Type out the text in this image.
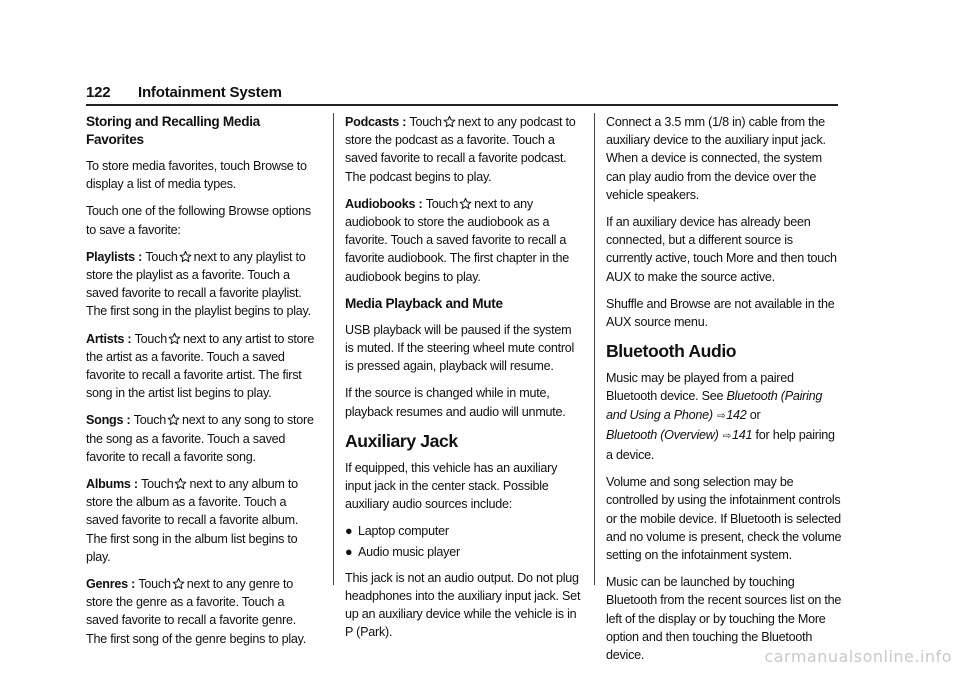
122 Infotainment System
Storing and Recalling Media Favorites

To store media favorites, touch Browse to display a list of media types.

Touch one of the following Browse options to save a favorite:

Playlists : Touch next to any playlist to store the playlist as a favorite. Touch a saved favorite to recall a favorite playlist. The first song in the playlist begins to play.

Artists : Touch next to any artist to store the artist as a favorite. Touch a saved favorite to recall a favorite artist. The first song in the artist list begins to play.

Songs : Touch next to any song to store the song as a favorite. Touch a saved favorite to recall a favorite song.

Albums : Touch next to any album to store the album as a favorite. Touch a saved favorite to recall a favorite album. The first song in the album list begins to play.

Genres : Touch next to any genre to store the genre as a favorite. Touch a saved favorite to recall a favorite genre. The first song of the genre begins to play.

Podcasts : Touch next to any podcast to store the podcast as a favorite. Touch a saved favorite to recall a favorite podcast. The podcast begins to play.

Audiobooks : Touch next to any audiobook to store the audiobook as a favorite. Touch a saved favorite to recall a favorite audiobook. The first chapter in the audiobook begins to play.

Media Playback and Mute

USB playback will be paused if the system is muted. If the steering wheel mute control is pressed again, playback will resume.

If the source is changed while in mute, playback resumes and audio will unmute.

Auxiliary Jack

If equipped, this vehicle has an auxiliary input jack in the center stack. Possible auxiliary audio sources include:

● Laptop computer
● Audio music player

This jack is not an audio output. Do not plug headphones into the auxiliary input jack. Set up an auxiliary device while the vehicle is in P (Park).

Connect a 3.5 mm (1/8 in) cable from the auxiliary device to the auxiliary input jack. When a device is connected, the system can play audio from the device over the vehicle speakers.

If an auxiliary device has already been connected, but a different source is currently active, touch More and then touch AUX to make the source active.

Shuffle and Browse are not available in the AUX source menu.

Bluetooth Audio

Music may be played from a paired Bluetooth device. See Bluetooth (Pairing and Using a Phone) ⇨142 or
Bluetooth (Overview) ⇨141 for help pairing a device.

Volume and song selection may be controlled by using the infotainment controls or the mobile device. If Bluetooth is selected and no volume is present, check the volume setting on the infotainment system.

Music can be launched by touching Bluetooth from the recent sources list on the left of the display or by touching the More option and then touching the Bluetooth device.	carmanualsonline.info
